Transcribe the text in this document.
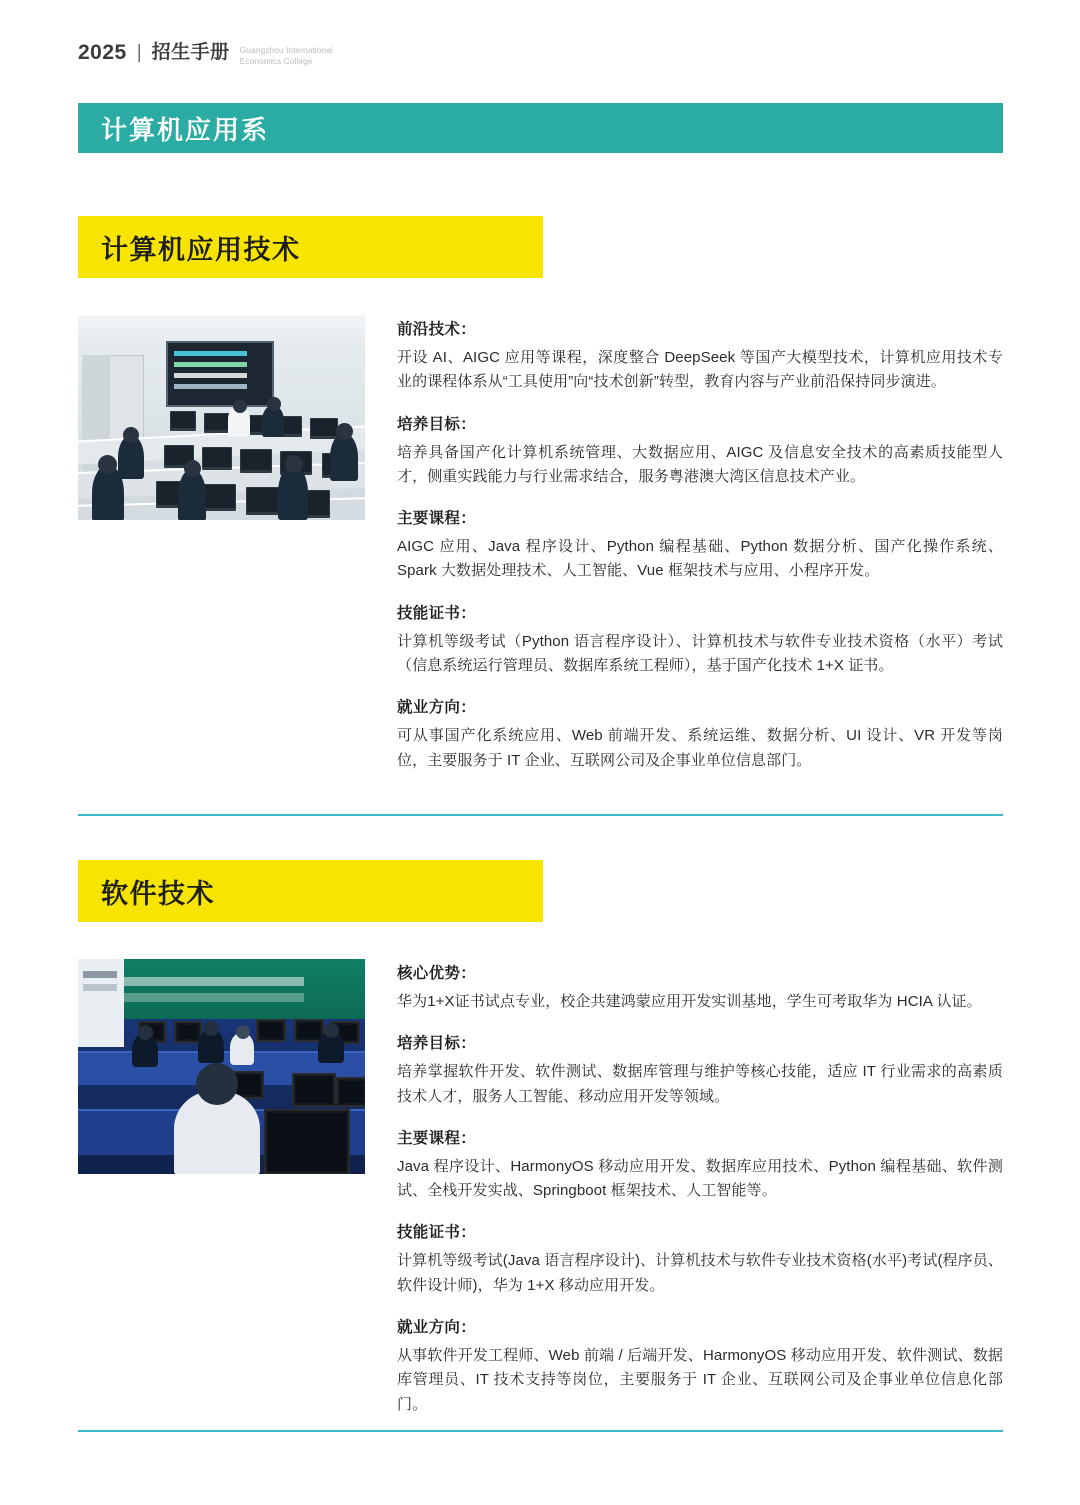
2025 | 招生手册 Guangzhou International Economics College
计算机应用系
计算机应用技术
前沿技术：
开设 AI、AIGC 应用等课程，深度整合 DeepSeek 等国产大模型技术，计算机应用技术专业的课程体系从“工具使用”向“技术创新”转型，教育内容与产业前沿保持同步演进。
培养目标：
培养具备国产化计算机系统管理、大数据应用、AIGC 及信息安全技术的高素质技能型人才，侧重实践能力与行业需求结合，服务粤港澳大湾区信息技术产业。
主要课程：
AIGC 应用、Java 程序设计、Python 编程基础、Python 数据分析、国产化操作系统、Spark 大数据处理技术、人工智能、Vue 框架技术与应用、小程序开发。
技能证书：
计算机等级考试（Python 语言程序设计）、计算机技术与软件专业技术资格（水平）考试（信息系统运行管理员、数据库系统工程师），基于国产化技术 1+X 证书。
就业方向：
可从事国产化系统应用、Web 前端开发、系统运维、数据分析、UI 设计、VR 开发等岗位，主要服务于 IT 企业、互联网公司及企事业单位信息部门。
软件技术
核心优势：
华为1+X证书试点专业，校企共建鸿蒙应用开发实训基地，学生可考取华为 HCIA 认证。
培养目标：
培养掌握软件开发、软件测试、数据库管理与维护等核心技能，适应 IT 行业需求的高素质技术人才，服务人工智能、移动应用开发等领域。
主要课程：
Java 程序设计、HarmonyOS 移动应用开发、数据库应用技术、Python 编程基础、软件测试、全栈开发实战、Springboot 框架技术、人工智能等。
技能证书：
计算机等级考试(Java 语言程序设计)、计算机技术与软件专业技术资格(水平)考试(程序员、软件设计师)，华为 1+X 移动应用开发。
就业方向：
从事软件开发工程师、Web 前端 / 后端开发、HarmonyOS 移动应用开发、软件测试、数据库管理员、IT 技术支持等岗位，主要服务于 IT 企业、互联网公司及企事业单位信息化部门。
